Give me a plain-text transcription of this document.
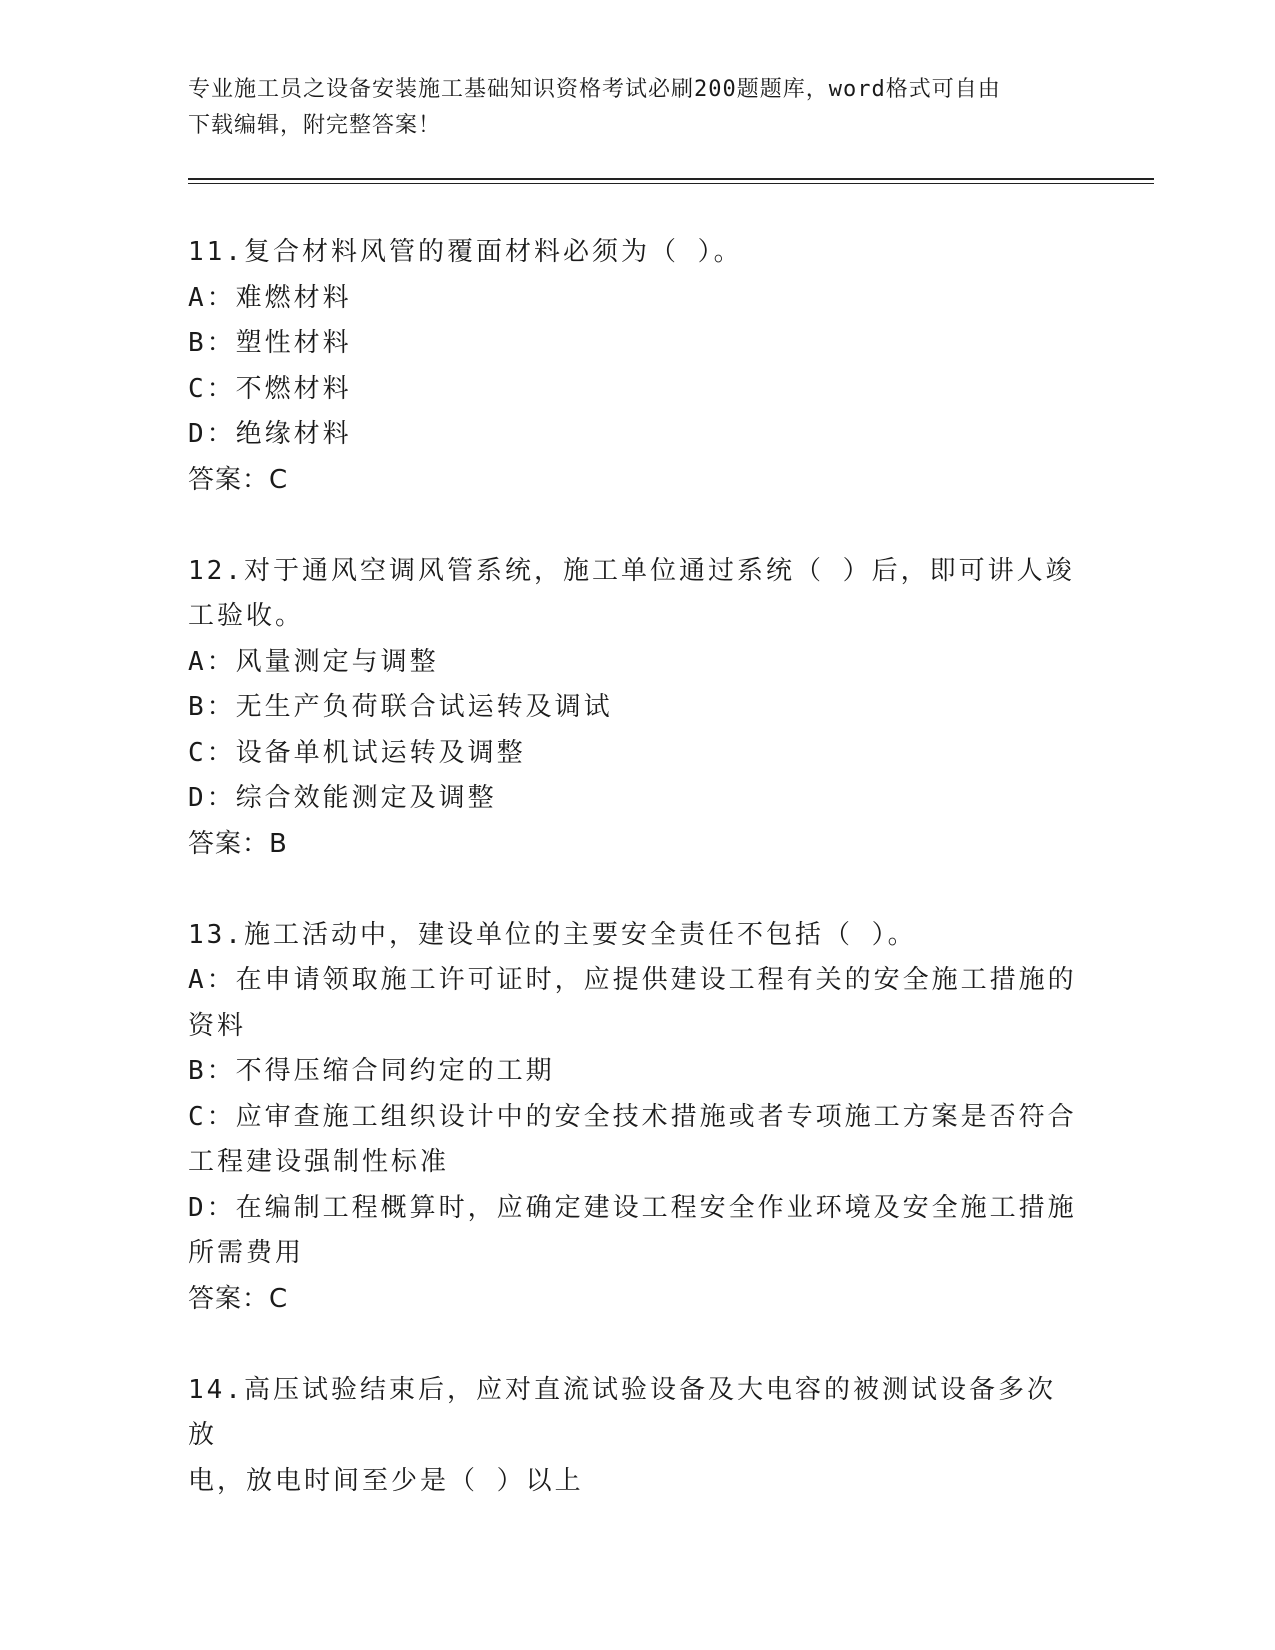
专业施工员之设备安装施工基础知识资格考试必刷200题题库，word格式可自由
下载编辑，附完整答案！
11.复合材料风管的覆面材料必须为（ ）。
A：难燃材料
B：塑性材料
C：不燃材料
D：绝缘材料
答案：C
12.对于通风空调风管系统，施工单位通过系统（ ）后，即可讲人竣
工验收。
A：风量测定与调整
B：无生产负荷联合试运转及调试
C：设备单机试运转及调整
D：综合效能测定及调整
答案：B
13.施工活动中，建设单位的主要安全责任不包括（ ）。
A：在申请领取施工许可证时，应提供建设工程有关的安全施工措施的
资料
B：不得压缩合同约定的工期
C：应审查施工组织设计中的安全技术措施或者专项施工方案是否符合
工程建设强制性标准
D：在编制工程概算时，应确定建设工程安全作业环境及安全施工措施
所需费用
答案：C
14.高压试验结束后，应对直流试验设备及大电容的被测试设备多次放
电，放电时间至少是（ ）以上
